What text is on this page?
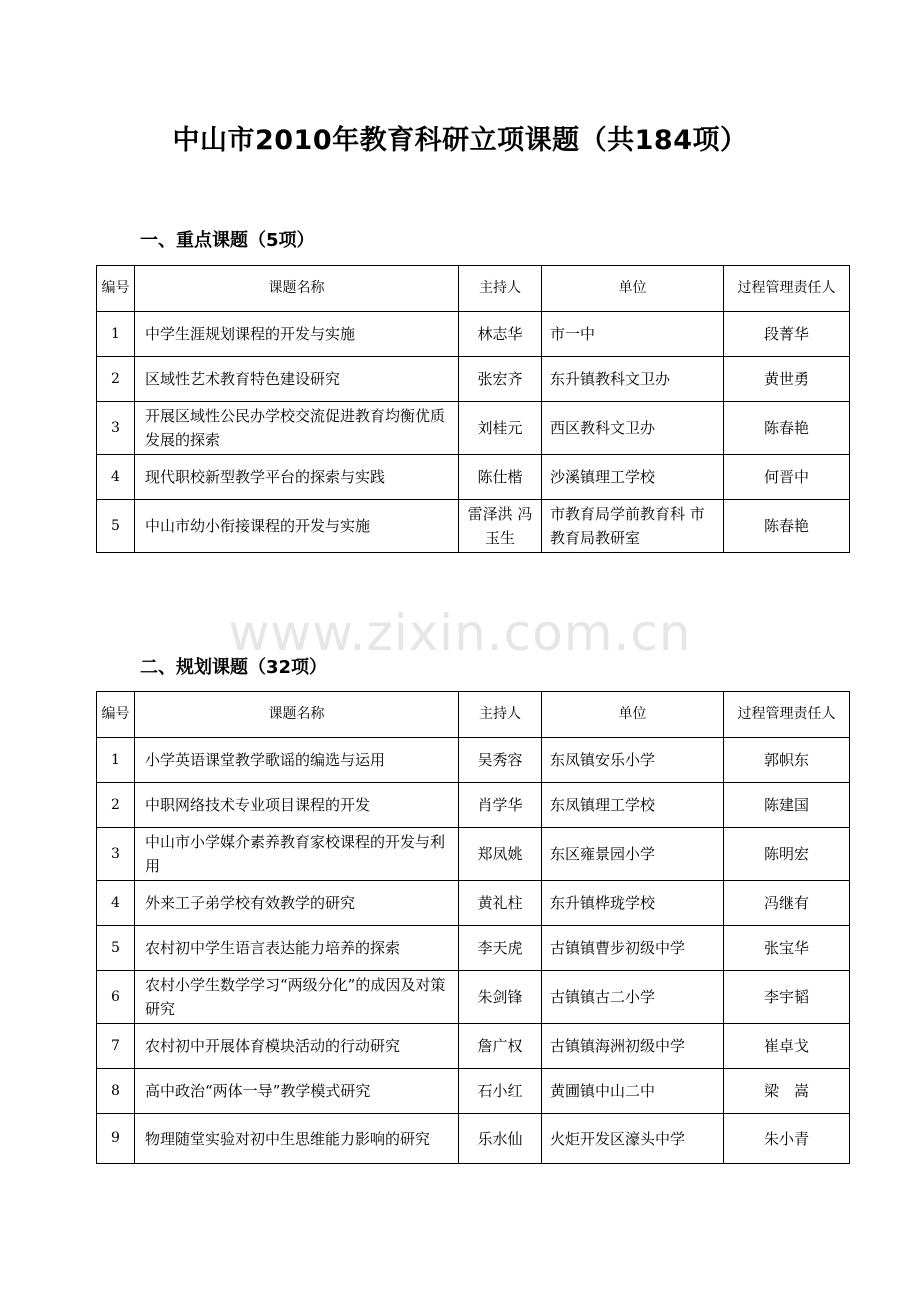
www.zixin.com.cn
中山市2010年教育科研立项课题（共184项）
一、重点课题（5项）
编号	课题名称	主持人	单位	过程管理责任人
1	中学生涯规划课程的开发与实施	林志华	市一中	段菁华
2	区域性艺术教育特色建设研究	张宏齐	东升镇教科文卫办	黄世勇
3	开展区域性公民办学校交流促进教育均衡优质发展的探索	刘桂元	西区教科文卫办	陈春艳
4	现代职校新型教学平台的探索与实践	陈仕楷	沙溪镇理工学校	何晋中
5	中山市幼小衔接课程的开发与实施	雷泽洪 冯玉生	市教育局学前教育科 市教育局教研室	陈春艳
二、规划课题（32项）
编号	课题名称	主持人	单位	过程管理责任人
1	小学英语课堂教学歌谣的编选与运用	吴秀容	东凤镇安乐小学	郭帜东
2	中职网络技术专业项目课程的开发	肖学华	东凤镇理工学校	陈建国
3	中山市小学媒介素养教育家校课程的开发与利用	郑凤姚	东区雍景园小学	陈明宏
4	外来工子弟学校有效教学的研究	黄礼柱	东升镇桦珑学校	冯继有
5	农村初中学生语言表达能力培养的探索	李天虎	古镇镇曹步初级中学	张宝华
6	农村小学生数学学习“两级分化”的成因及对策研究	朱剑锋	古镇镇古二小学	李宇韬
7	农村初中开展体育模块活动的行动研究	詹广权	古镇镇海洲初级中学	崔卓戈
8	高中政治“两体一导”教学模式研究	石小红	黄圃镇中山二中	梁　嵩
9	物理随堂实验对初中生思维能力影响的研究	乐水仙	火炬开发区濠头中学	朱小青
